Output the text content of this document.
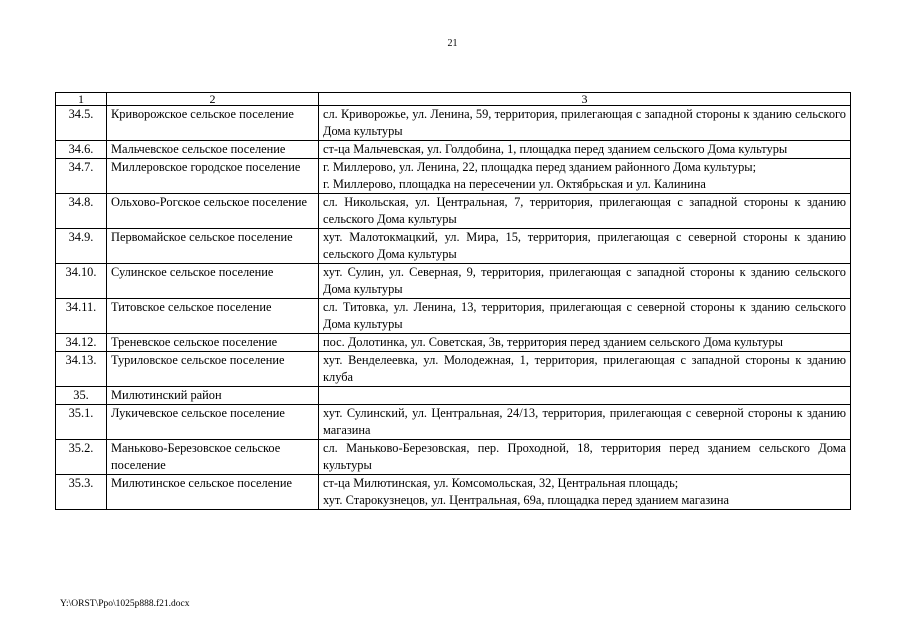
21
1	2	3
34.5.	Криворожское сельское поселение	сл. Криворожье, ул. Ленина, 59, территория, прилегающая с западной стороны к зданию сельского Дома культуры

34.6.	Мальчевское сельское поселение	ст-ца Мальчевская, ул. Голдобина, 1, площадка перед зданием сельского Дома культуры

34.7.	Миллеровское городское поселение	г. Миллерово, ул. Ленина, 22, площадка перед зданием районного Дома культуры;
г. Миллерово, площадка на пересечении ул. Октябрьская и ул. Калинина

34.8.	Ольхово-Рогское сельское поселение	сл. Никольская, ул. Центральная, 7, территория, прилегающая с западной стороны к зданию сельского Дома культуры

34.9.	Первомайское сельское поселение	хут. Малотокмацкий, ул. Мира, 15, территория, прилегающая с северной стороны к зданию сельского Дома культуры

34.10.	Сулинское сельское поселение	хут. Сулин, ул. Северная, 9, территория, прилегающая с западной стороны к зданию сельского Дома культуры

34.11.	Титовское сельское поселение	сл. Титовка, ул. Ленина, 13, территория, прилегающая с северной стороны к зданию сельского Дома культуры

34.12.	Треневское сельское поселение	пос. Долотинка, ул. Советская, 3в, территория перед зданием сельского Дома культуры

34.13.	Туриловское сельское поселение	хут. Венделеевка, ул. Молодежная, 1, территория, прилегающая с западной стороны к зданию клуба

35.	Милютинский район	

35.1.	Лукичевское сельское поселение	хут. Сулинский, ул. Центральная, 24/13, территория, прилегающая с северной стороны к зданию магазина

35.2.	Маньково-Березовское сельское поселение	сл. Маньково-Березовская, пер. Проходной, 18, территория перед зданием сельского Дома культуры

35.3.	Милютинское сельское поселение	ст-ца Милютинская, ул. Комсомольская, 32, Центральная площадь;
хут. Старокузнецов, ул. Центральная, 69а, площадка перед зданием магазина
Y:\ORST\Ppo\1025p888.f21.docx
